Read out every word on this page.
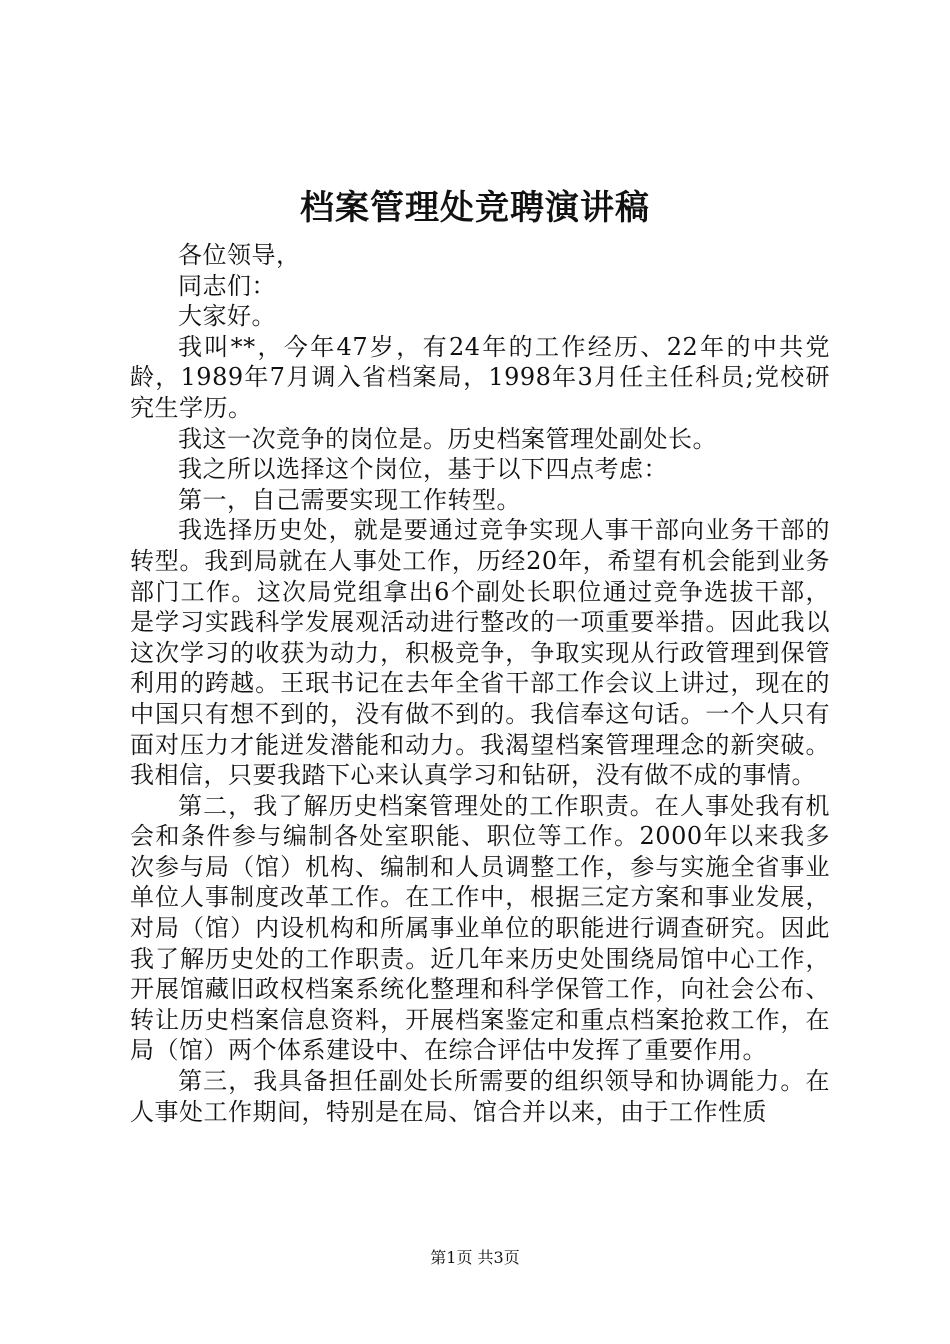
档案管理处竞聘演讲稿

各位领导，

同志们：

大家好。

我叫**，今年47岁，有24年的工作经历、22年的中共党龄，1989年7月调入省档案局，1998年3月任主任科员;党校研究生学历。

我这一次竞争的岗位是。历史档案管理处副处长。

我之所以选择这个岗位，基于以下四点考虑：

第一，自己需要实现工作转型。

我选择历史处，就是要通过竞争实现人事干部向业务干部的转型。我到局就在人事处工作，历经20年，希望有机会能到业务部门工作。这次局党组拿出6个副处长职位通过竞争选拔干部，是学习实践科学发展观活动进行整改的一项重要举措。因此我以这次学习的收获为动力，积极竞争，争取实现从行政管理到保管利用的跨越。王珉书记在去年全省干部工作会议上讲过，现在的中国只有想不到的，没有做不到的。我信奉这句话。一个人只有面对压力才能迸发潜能和动力。我渴望档案管理理念的新突破。我相信，只要我踏下心来认真学习和钻研，没有做不成的事情。

第二，我了解历史档案管理处的工作职责。在人事处我有机会和条件参与编制各处室职能、职位等工作。2000年以来我多次参与局（馆）机构、编制和人员调整工作，参与实施全省事业单位人事制度改革工作。在工作中，根据三定方案和事业发展，对局（馆）内设机构和所属事业单位的职能进行调查研究。因此我了解历史处的工作职责。近几年来历史处围绕局馆中心工作，开展馆藏旧政权档案系统化整理和科学保管工作，向社会公布、转让历史档案信息资料，开展档案鉴定和重点档案抢救工作，在局（馆）两个体系建设中、在综合评估中发挥了重要作用。

第三，我具备担任副处长所需要的组织领导和协调能力。在人事处工作期间，特别是在局、馆合并以来，由于工作性质

第1页 共3页
